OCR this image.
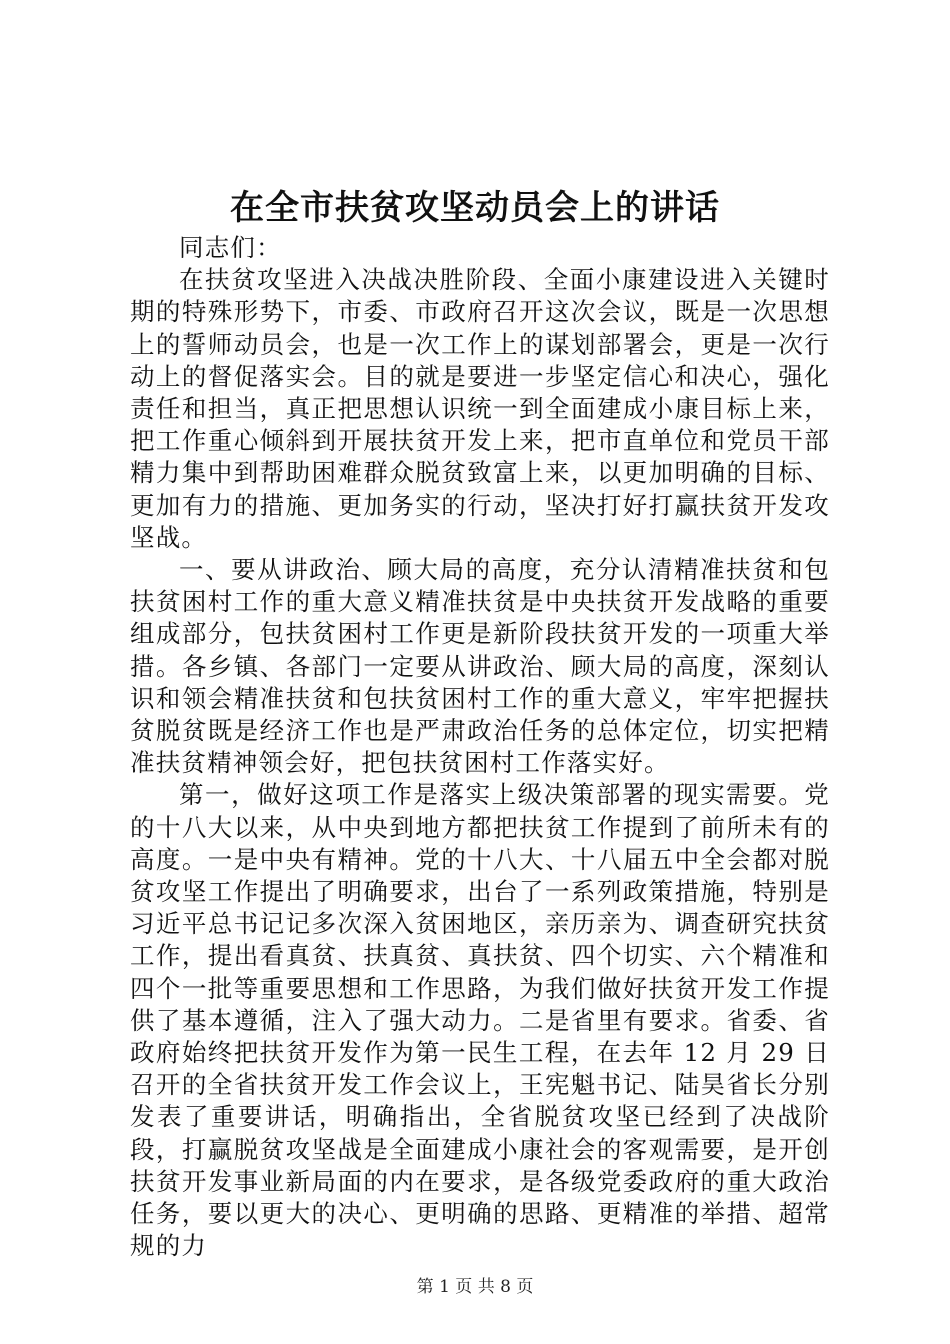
在全市扶贫攻坚动员会上的讲话

同志们：

在扶贫攻坚进入决战决胜阶段、全面小康建设进入关键时期的特殊形势下，市委、市政府召开这次会议，既是一次思想上的誓师动员会，也是一次工作上的谋划部署会，更是一次行动上的督促落实会。目的就是要进一步坚定信心和决心，强化责任和担当，真正把思想认识统一到全面建成小康目标上来，把工作重心倾斜到开展扶贫开发上来，把市直单位和党员干部精力集中到帮助困难群众脱贫致富上来，以更加明确的目标、更加有力的措施、更加务实的行动，坚决打好打赢扶贫开发攻坚战。

一、要从讲政治、顾大局的高度，充分认清精准扶贫和包扶贫困村工作的重大意义精准扶贫是中央扶贫开发战略的重要组成部分，包扶贫困村工作更是新阶段扶贫开发的一项重大举措。各乡镇、各部门一定要从讲政治、顾大局的高度，深刻认识和领会精准扶贫和包扶贫困村工作的重大意义，牢牢把握扶贫脱贫既是经济工作也是严肃政治任务的总体定位，切实把精准扶贫精神领会好，把包扶贫困村工作落实好。

第一，做好这项工作是落实上级决策部署的现实需要。党的十八大以来，从中央到地方都把扶贫工作提到了前所未有的高度。一是中央有精神。党的十八大、十八届五中全会都对脱贫攻坚工作提出了明确要求，出台了一系列政策措施，特别是习近平总书记记多次深入贫困地区，亲历亲为、调查研究扶贫工作，提出看真贫、扶真贫、真扶贫、四个切实、六个精准和四个一批等重要思想和工作思路，为我们做好扶贫开发工作提供了基本遵循，注入了强大动力。二是省里有要求。省委、省政府始终把扶贫开发作为第一民生工程，在去年 12 月 29 日召开的全省扶贫开发工作会议上，王宪魁书记、陆昊省长分别发表了重要讲话，明确指出，全省脱贫攻坚已经到了决战阶段，打赢脱贫攻坚战是全面建成小康社会的客观需要，是开创扶贫开发事业新局面的内在要求，是各级党委政府的重大政治任务，要以更大的决心、更明确的思路、更精准的举措、超常规的力

第 1 页 共 8 页
